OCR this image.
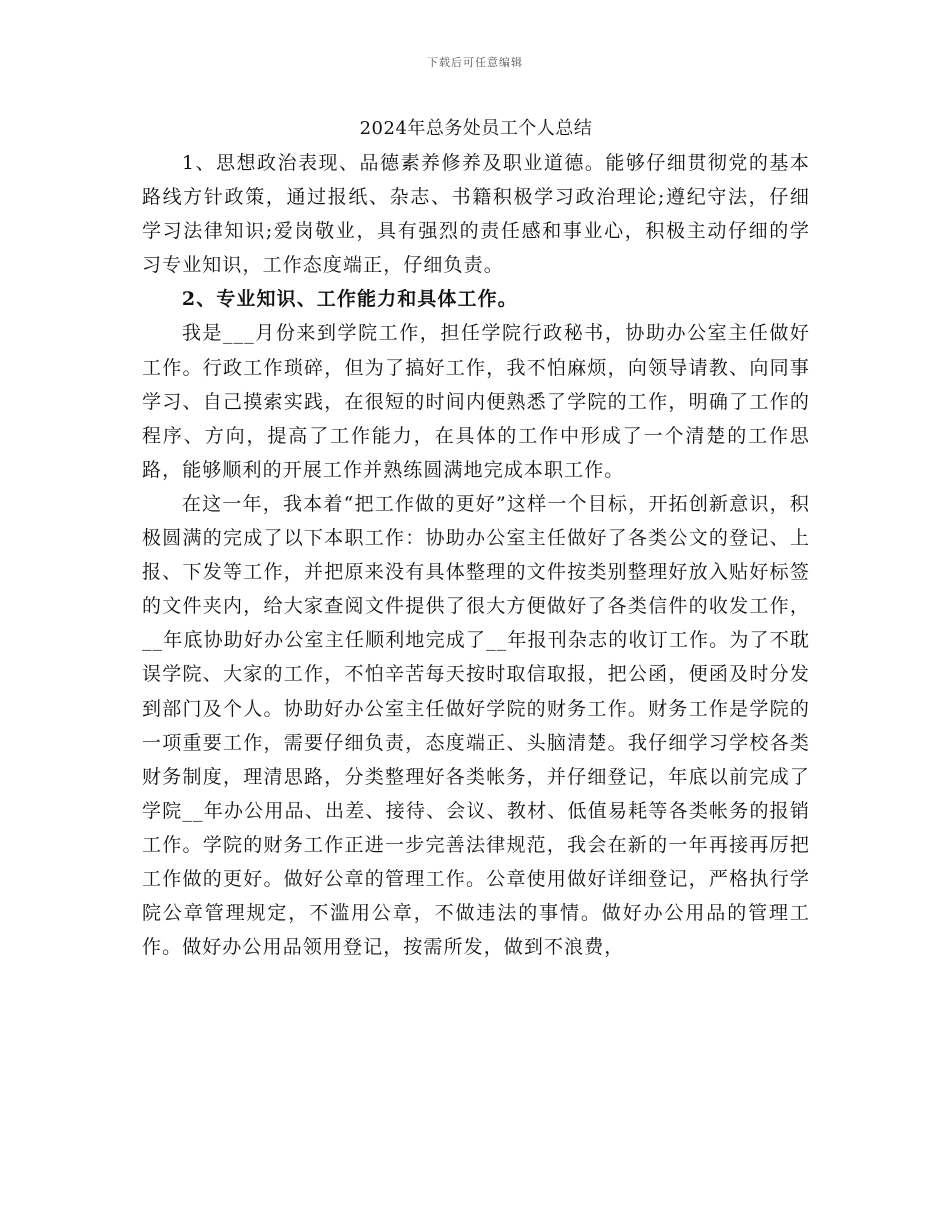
下载后可任意编辑
2024年总务处员工个人总结

1、思想政治表现、品德素养修养及职业道德。能够仔细贯彻党的基本路线方针政策，通过报纸、杂志、书籍积极学习政治理论;遵纪守法，仔细学习法律知识;爱岗敬业，具有强烈的责任感和事业心，积极主动仔细的学习专业知识，工作态度端正，仔细负责。

2、专业知识、工作能力和具体工作。

我是___月份来到学院工作，担任学院行政秘书，协助办公室主任做好工作。行政工作琐碎，但为了搞好工作，我不怕麻烦，向领导请教、向同事学习、自己摸索实践，在很短的时间内便熟悉了学院的工作，明确了工作的程序、方向，提高了工作能力，在具体的工作中形成了一个清楚的工作思路，能够顺利的开展工作并熟练圆满地完成本职工作。

在这一年，我本着“把工作做的更好”这样一个目标，开拓创新意识，积极圆满的完成了以下本职工作：协助办公室主任做好了各类公文的登记、上报、下发等工作，并把原来没有具体整理的文件按类别整理好放入贴好标签的文件夹内，给大家查阅文件提供了很大方便做好了各类信件的收发工作，__年底协助好办公室主任顺利地完成了__年报刊杂志的收订工作。为了不耽误学院、大家的工作，不怕辛苦每天按时取信取报，把公函，便函及时分发到部门及个人。协助好办公室主任做好学院的财务工作。财务工作是学院的一项重要工作，需要仔细负责，态度端正、头脑清楚。我仔细学习学校各类财务制度，理清思路，分类整理好各类帐务，并仔细登记，年底以前完成了学院__年办公用品、出差、接待、会议、教材、低值易耗等各类帐务的报销工作。学院的财务工作正进一步完善法律规范，我会在新的一年再接再厉把工作做的更好。做好公章的管理工作。公章使用做好详细登记，严格执行学院公章管理规定，不滥用公章，不做违法的事情。做好办公用品的管理工作。做好办公用品领用登记，按需所发，做到不浪费，
